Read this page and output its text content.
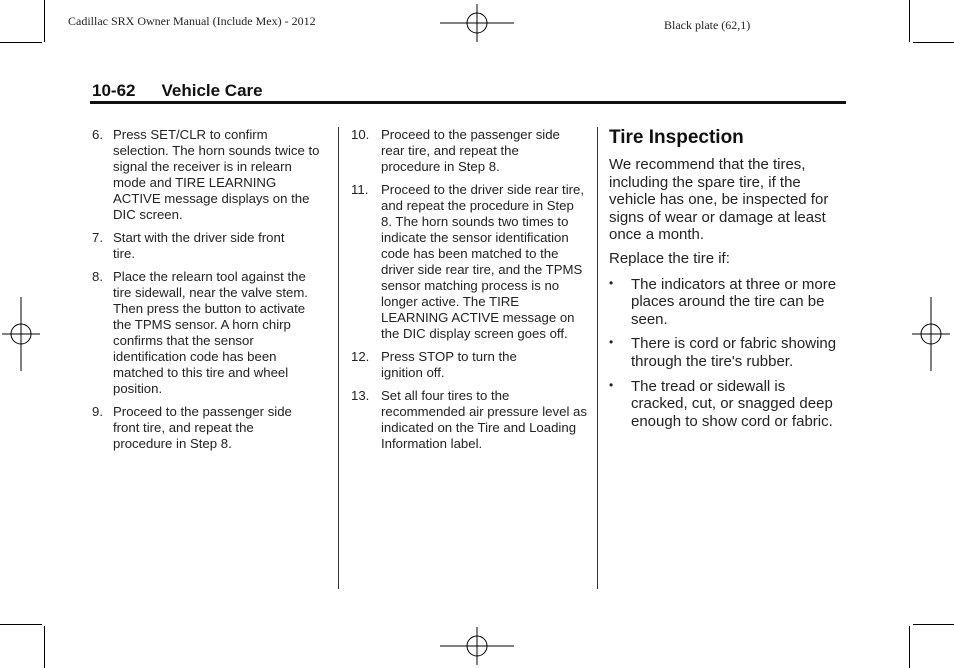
Cadillac SRX Owner Manual (Include Mex) - 2012	Black plate (62,1)
10-62 Vehicle Care
6. Press SET/CLR to confirm selection. The horn sounds twice to signal the receiver is in relearn mode and TIRE LEARNING ACTIVE message displays on the DIC screen.
7. Start with the driver side front tire.
8. Place the relearn tool against the tire sidewall, near the valve stem. Then press the button to activate the TPMS sensor. A horn chirp confirms that the sensor identification code has been matched to this tire and wheel position.
9. Proceed to the passenger side front tire, and repeat the procedure in Step 8.
10. Proceed to the passenger side rear tire, and repeat the procedure in Step 8.
11. Proceed to the driver side rear tire, and repeat the procedure in Step 8. The horn sounds two times to indicate the sensor identification code has been matched to the driver side rear tire, and the TPMS sensor matching process is no longer active. The TIRE LEARNING ACTIVE message on the DIC display screen goes off.
12. Press STOP to turn the ignition off.
13. Set all four tires to the recommended air pressure level as indicated on the Tire and Loading Information label.
Tire Inspection

We recommend that the tires, including the spare tire, if the vehicle has one, be inspected for signs of wear or damage at least once a month.

Replace the tire if:

• The indicators at three or more places around the tire can be seen.
• There is cord or fabric showing through the tire's rubber.
• The tread or sidewall is cracked, cut, or snagged deep enough to show cord or fabric.
